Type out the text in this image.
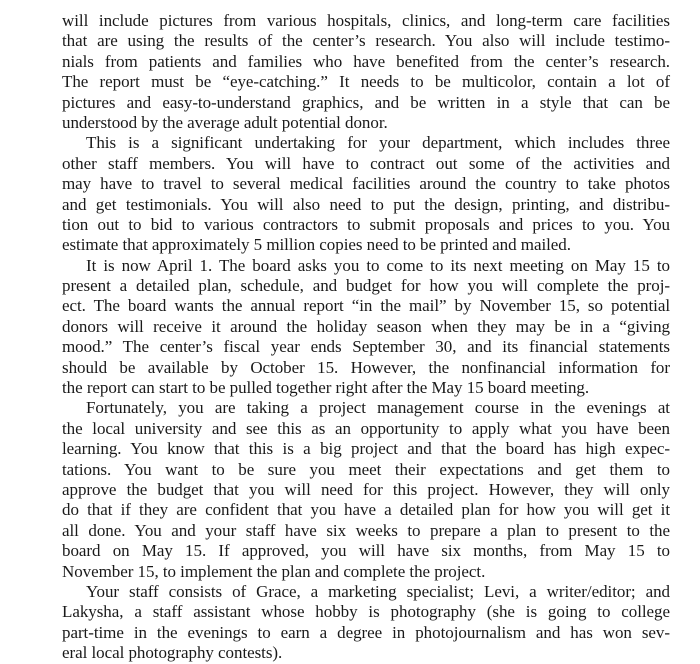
will include pictures from various hospitals, clinics, and long-term care facilities
that are using the results of the center’s research. You also will include testimo-
nials from patients and families who have benefited from the center’s research.
The report must be “eye-catching.” It needs to be multicolor, contain a lot of
pictures and easy-to-understand graphics, and be written in a style that can be
understood by the average adult potential donor.
This is a significant undertaking for your department, which includes three
other staff members. You will have to contract out some of the activities and
may have to travel to several medical facilities around the country to take photos
and get testimonials. You will also need to put the design, printing, and distribu-
tion out to bid to various contractors to submit proposals and prices to you. You
estimate that approximately 5 million copies need to be printed and mailed.
It is now April 1. The board asks you to come to its next meeting on May 15 to
present a detailed plan, schedule, and budget for how you will complete the proj-
ect. The board wants the annual report “in the mail” by November 15, so potential
donors will receive it around the holiday season when they may be in a “giving
mood.” The center’s fiscal year ends September 30, and its financial statements
should be available by October 15. However, the nonfinancial information for
the report can start to be pulled together right after the May 15 board meeting.
Fortunately, you are taking a project management course in the evenings at
the local university and see this as an opportunity to apply what you have been
learning. You know that this is a big project and that the board has high expec-
tations. You want to be sure you meet their expectations and get them to
approve the budget that you will need for this project. However, they will only
do that if they are confident that you have a detailed plan for how you will get it
all done. You and your staff have six weeks to prepare a plan to present to the
board on May 15. If approved, you will have six months, from May 15 to
November 15, to implement the plan and complete the project.
Your staff consists of Grace, a marketing specialist; Levi, a writer/editor; and
Lakysha, a staff assistant whose hobby is photography (she is going to college
part-time in the evenings to earn a degree in photojournalism and has won sev-
eral local photography contests).
